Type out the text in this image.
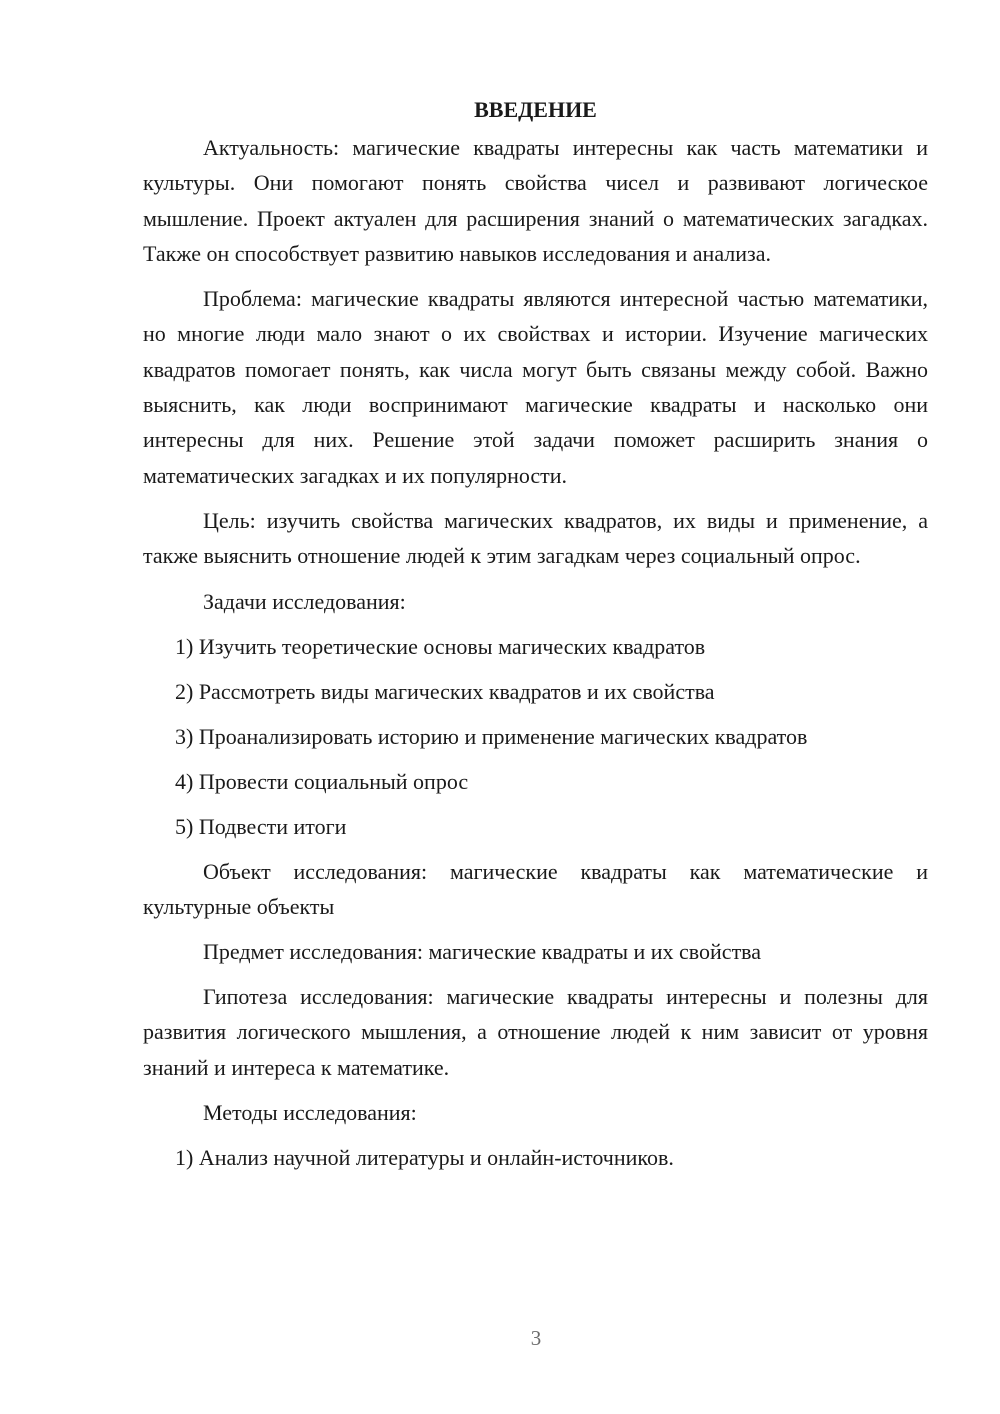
ВВЕДЕНИЕ

Актуальность: магические квадраты интересны как часть математики и культуры. Они помогают понять свойства чисел и развивают логическое мышление. Проект актуален для расширения знаний о математических загадках. Также он способствует развитию навыков исследования и анализа.

Проблема: магические квадраты являются интересной частью математики, но многие люди мало знают о их свойствах и истории. Изучение магических квадратов помогает понять, как числа могут быть связаны между собой. Важно выяснить, как люди воспринимают магические квадраты и насколько они интересны для них. Решение этой задачи поможет расширить знания о математических загадках и их популярности.

Цель: изучить свойства магических квадратов, их виды и применение, а также выяснить отношение людей к этим загадкам через социальный опрос.

Задачи исследования:

1) Изучить теоретические основы магических квадратов
2) Рассмотреть виды магических квадратов и их свойства
3) Проанализировать историю и применение магических квадратов
4) Провести социальный опрос
5) Подвести итоги

Объект исследования: магические квадраты как математические и культурные объекты

Предмет исследования: магические квадраты и их свойства

Гипотеза исследования: магические квадраты интересны и полезны для развития логического мышления, а отношение людей к ним зависит от уровня знаний и интереса к математике.

Методы исследования:

1) Анализ научной литературы и онлайн-источников.
3
